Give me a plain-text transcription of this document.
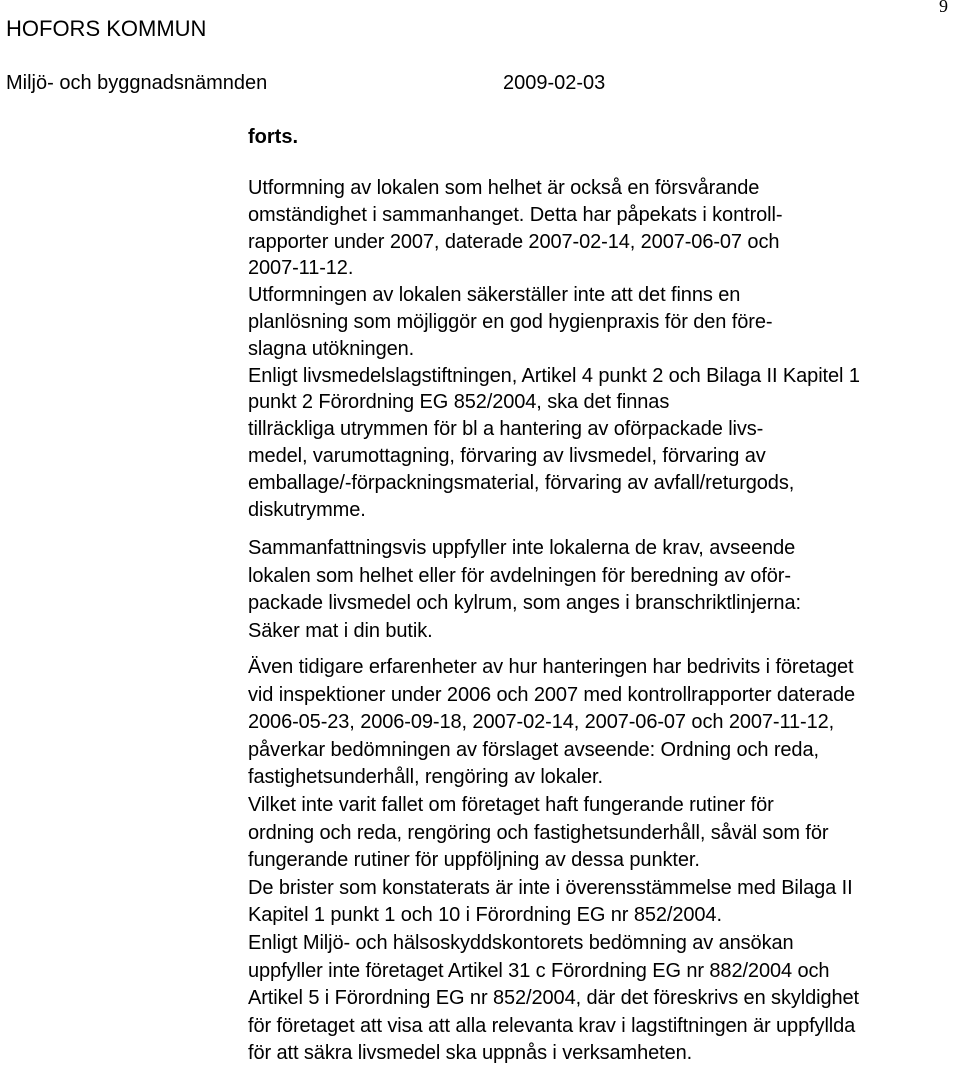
9
HOFORS KOMMUN
Miljö- och byggnadsnämnden	2009-02-03
forts.

Utformning av lokalen som helhet är också en försvårande
omständighet i sammanhanget. Detta har påpekats i kontroll-
rapporter under 2007, daterade 2007-02-14, 2007-06-07 och
2007-11-12.

Utformningen av lokalen säkerställer inte att det finns en
planlösning som möjliggör en god hygienpraxis för den före-
slagna utökningen.

Enligt livsmedelslagstiftningen, Artikel 4 punkt 2 och Bilaga II Kapitel 1
punkt 2 Förordning EG 852/2004, ska det finnas
tillräckliga utrymmen för bl a hantering av oförpackade livs-
medel, varumottagning, förvaring av livsmedel, förvaring av
emballage/-förpackningsmaterial, förvaring av avfall/returgods,
diskutrymme.

Sammanfattningsvis uppfyller inte lokalerna de krav, avseende
lokalen som helhet eller för avdelningen för beredning av oför-
packade livsmedel och kylrum, som anges i branschriktlinjerna:
Säker mat i din butik.

Även tidigare erfarenheter av hur hanteringen har bedrivits i företaget
vid inspektioner under 2006 och 2007 med kontrollrapporter daterade
2006-05-23, 2006-09-18, 2007-02-14, 2007-06-07 och 2007-11-12,
påverkar bedömningen av förslaget avseende: Ordning och reda,
fastighetsunderhåll, rengöring av lokaler.

Vilket inte varit fallet om företaget haft fungerande rutiner för
ordning och reda, rengöring och fastighetsunderhåll, såväl som för
fungerande rutiner för uppföljning av dessa punkter.

De brister som konstaterats är inte i överensstämmelse med Bilaga II
Kapitel 1 punkt 1 och 10 i Förordning EG nr 852/2004.

Enligt Miljö- och hälsoskyddskontorets bedömning av ansökan
uppfyller inte företaget Artikel 31 c Förordning EG nr 882/2004 och
Artikel 5 i Förordning EG nr 852/2004, där det föreskrivs en skyldighet
för företaget att visa att alla relevanta krav i lagstiftningen är uppfyllda
för att säkra livsmedel ska uppnås i verksamheten.
